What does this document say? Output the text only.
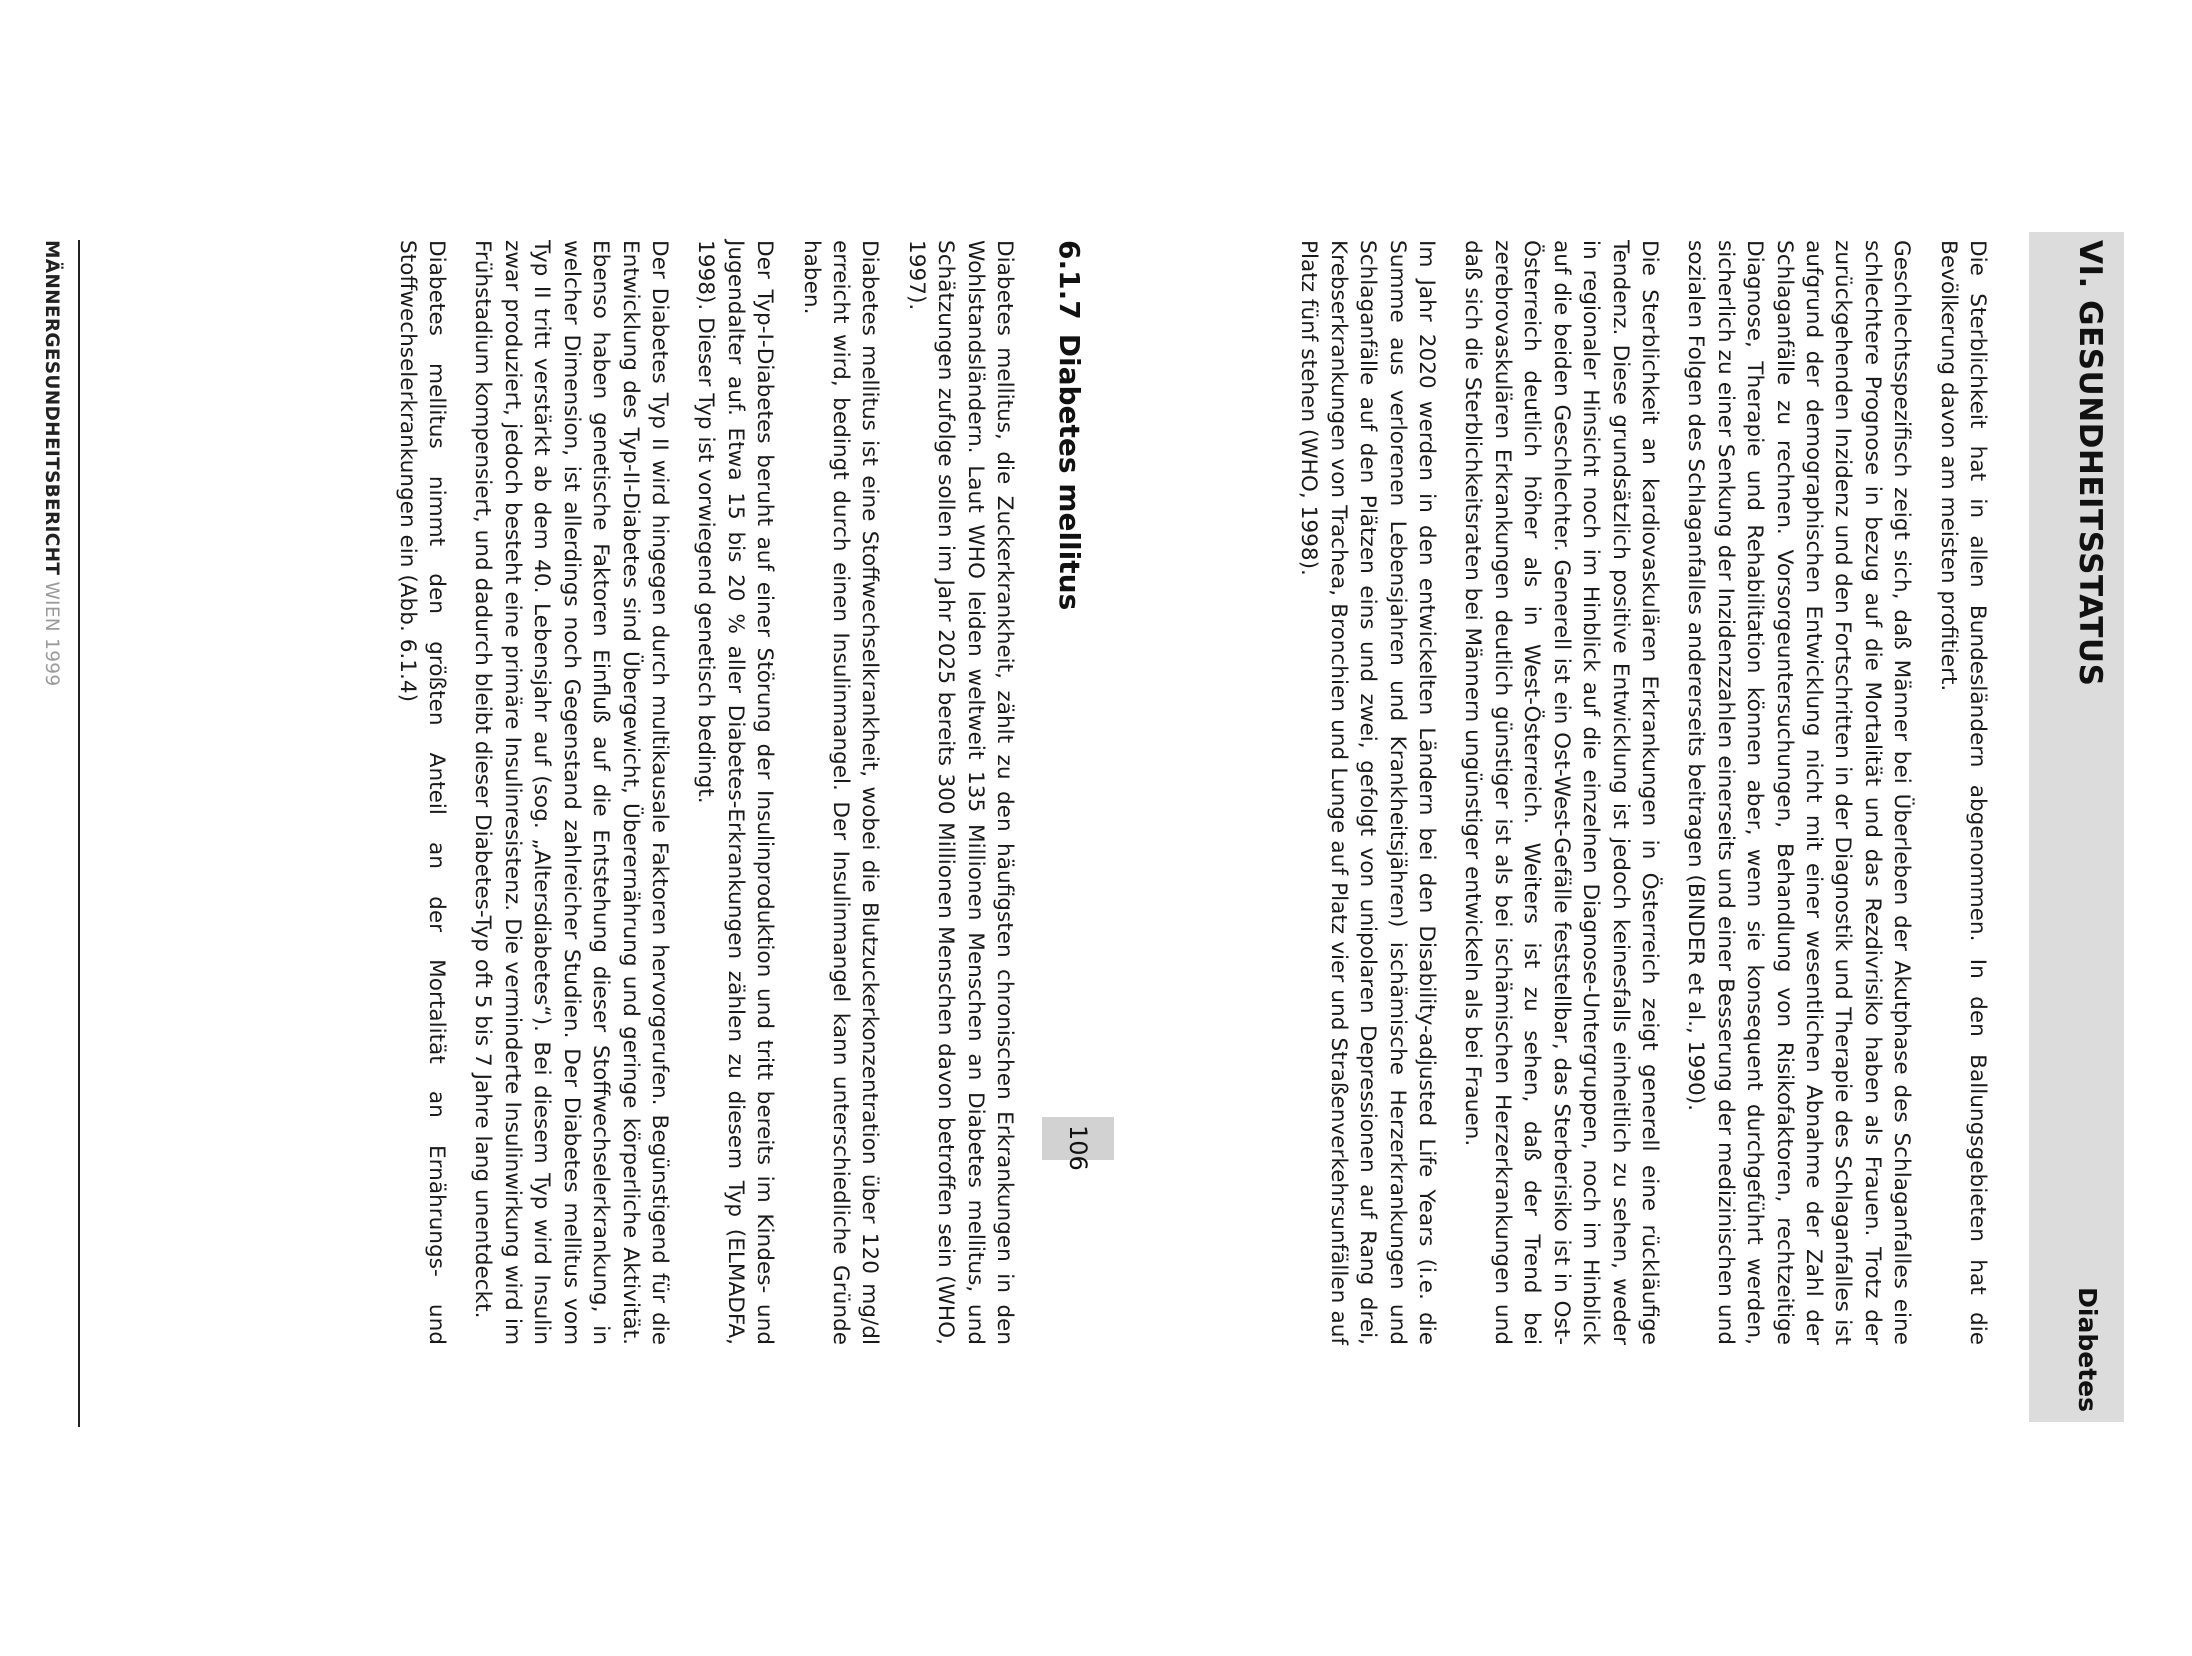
VI. GESUNDHEITSSTATUS
Diabetes

Die Sterblichkeit hat in allen Bundesländern abgenommen. In den Ballungsgebieten hat die Bevölkerung davon am meisten profitiert.

Geschlechtsspezifisch zeigt sich, daß Männer bei Überleben der Akutphase des Schlaganfalles eine schlechtere Prognose in bezug auf die Mortalität und das Rezdivrisiko haben als Frauen. Trotz der zurückgehenden Inzidenz und den Fortschritten in der Diagnostik und Therapie des Schlaganfalles ist aufgrund der demographischen Entwicklung nicht mit einer wesentlichen Abnahme der Zahl der Schlaganfälle zu rechnen. Vorsorgeuntersuchungen, Behandlung von Risikofaktoren, rechtzeitige Diagnose, Therapie und Rehabilitation können aber, wenn sie konsequent durchgeführt werden, sicherlich zu einer Senkung der Inzidenzzahlen einerseits und einer Besserung der medizinischen und sozialen Folgen des Schlaganfalles andererseits beitragen (BINDER et al., 1990).

Die Sterblichkeit an kardiovaskulären Erkrankungen in Österreich zeigt generell eine rückläufige Tendenz. Diese grundsätzlich positive Entwicklung ist jedoch keinesfalls einheitlich zu sehen, weder in regionaler Hinsicht noch im Hinblick auf die einzelnen Diagnose-Untergruppen, noch im Hinblick auf die beiden Geschlechter. Generell ist ein Ost-West-Gefälle feststellbar, das Sterberisiko ist in Ost-Österreich deutlich höher als in West-Österreich. Weiters ist zu sehen, daß der Trend bei zerebrovaskulären Erkrankungen deutlich günstiger ist als bei ischämischen Herzerkrankungen und daß sich die Sterblichkeitsraten bei Männern ungünstiger entwickeln als bei Frauen.

Im Jahr 2020 werden in den entwickelten Ländern bei den Disability-adjusted Life Years (i.e. die Summe aus verlorenen Lebensjahren und Krankheitsjähren) ischämische Herzerkrankungen und Schlaganfälle auf den Plätzen eins und zwei, gefolgt von unipolaren Depressionen auf Rang drei, Krebserkrankungen von Trachea, Bronchien und Lunge auf Platz vier und Straßenverkehrsunfällen auf Platz fünf stehen (WHO, 1998).

6.1.7Diabetes mellitus

Diabetes mellitus, die Zuckerkrankheit, zählt zu den häufigsten chronischen Erkrankungen in den Wohlstandsländern. Laut WHO leiden weltweit 135 Millionen Menschen an Diabetes mellitus, und Schätzungen zufolge sollen im Jahr 2025 bereits 300 Millionen Menschen davon betroffen sein (WHO, 1997).

Diabetes mellitus ist eine Stoffwechselkrankheit, wobei die Blutzuckerkonzentration über 120 mg/dl erreicht wird, bedingt durch einen Insulinmangel. Der Insulinmangel kann unterschiedliche Gründe haben.

Der Typ-I-Diabetes beruht auf einer Störung der Insulinproduktion und tritt bereits im Kindes- und Jugendalter auf. Etwa 15 bis 20 % aller Diabetes-Erkrankungen zählen zu diesem Typ (ELMADFA, 1998). Dieser Typ ist vorwiegend genetisch bedingt.

Der Diabetes Typ II wird hingegen durch multikausale Faktoren hervorgerufen. Begünstigend für die Entwicklung des Typ-II-Diabetes sind Übergewicht, Überernährung und geringe körperliche Aktivität. Ebenso haben genetische Faktoren Einfluß auf die Entstehung dieser Stoffwechselerkrankung, in welcher Dimension, ist allerdings noch Gegenstand zahlreicher Studien. Der Diabetes mellitus vom Typ II tritt verstärkt ab dem 40. Lebensjahr auf (sog. „Altersdiabetes“). Bei diesem Typ wird Insulin zwar produziert, jedoch besteht eine primäre Insulinresistenz. Die verminderte Insulinwirkung wird im Frühstadium kompensiert, und dadurch bleibt dieser Diabetes-Typ oft 5 bis 7 Jahre lang unentdeckt.

Diabetes mellitus nimmt den größten Anteil an der Mortalität an Ernährungs- und Stoffwechselerkrankungen ein (Abb. 6.1.4)

106
MÄNNERGESUNDHEITSBERICHT WIEN 1999
